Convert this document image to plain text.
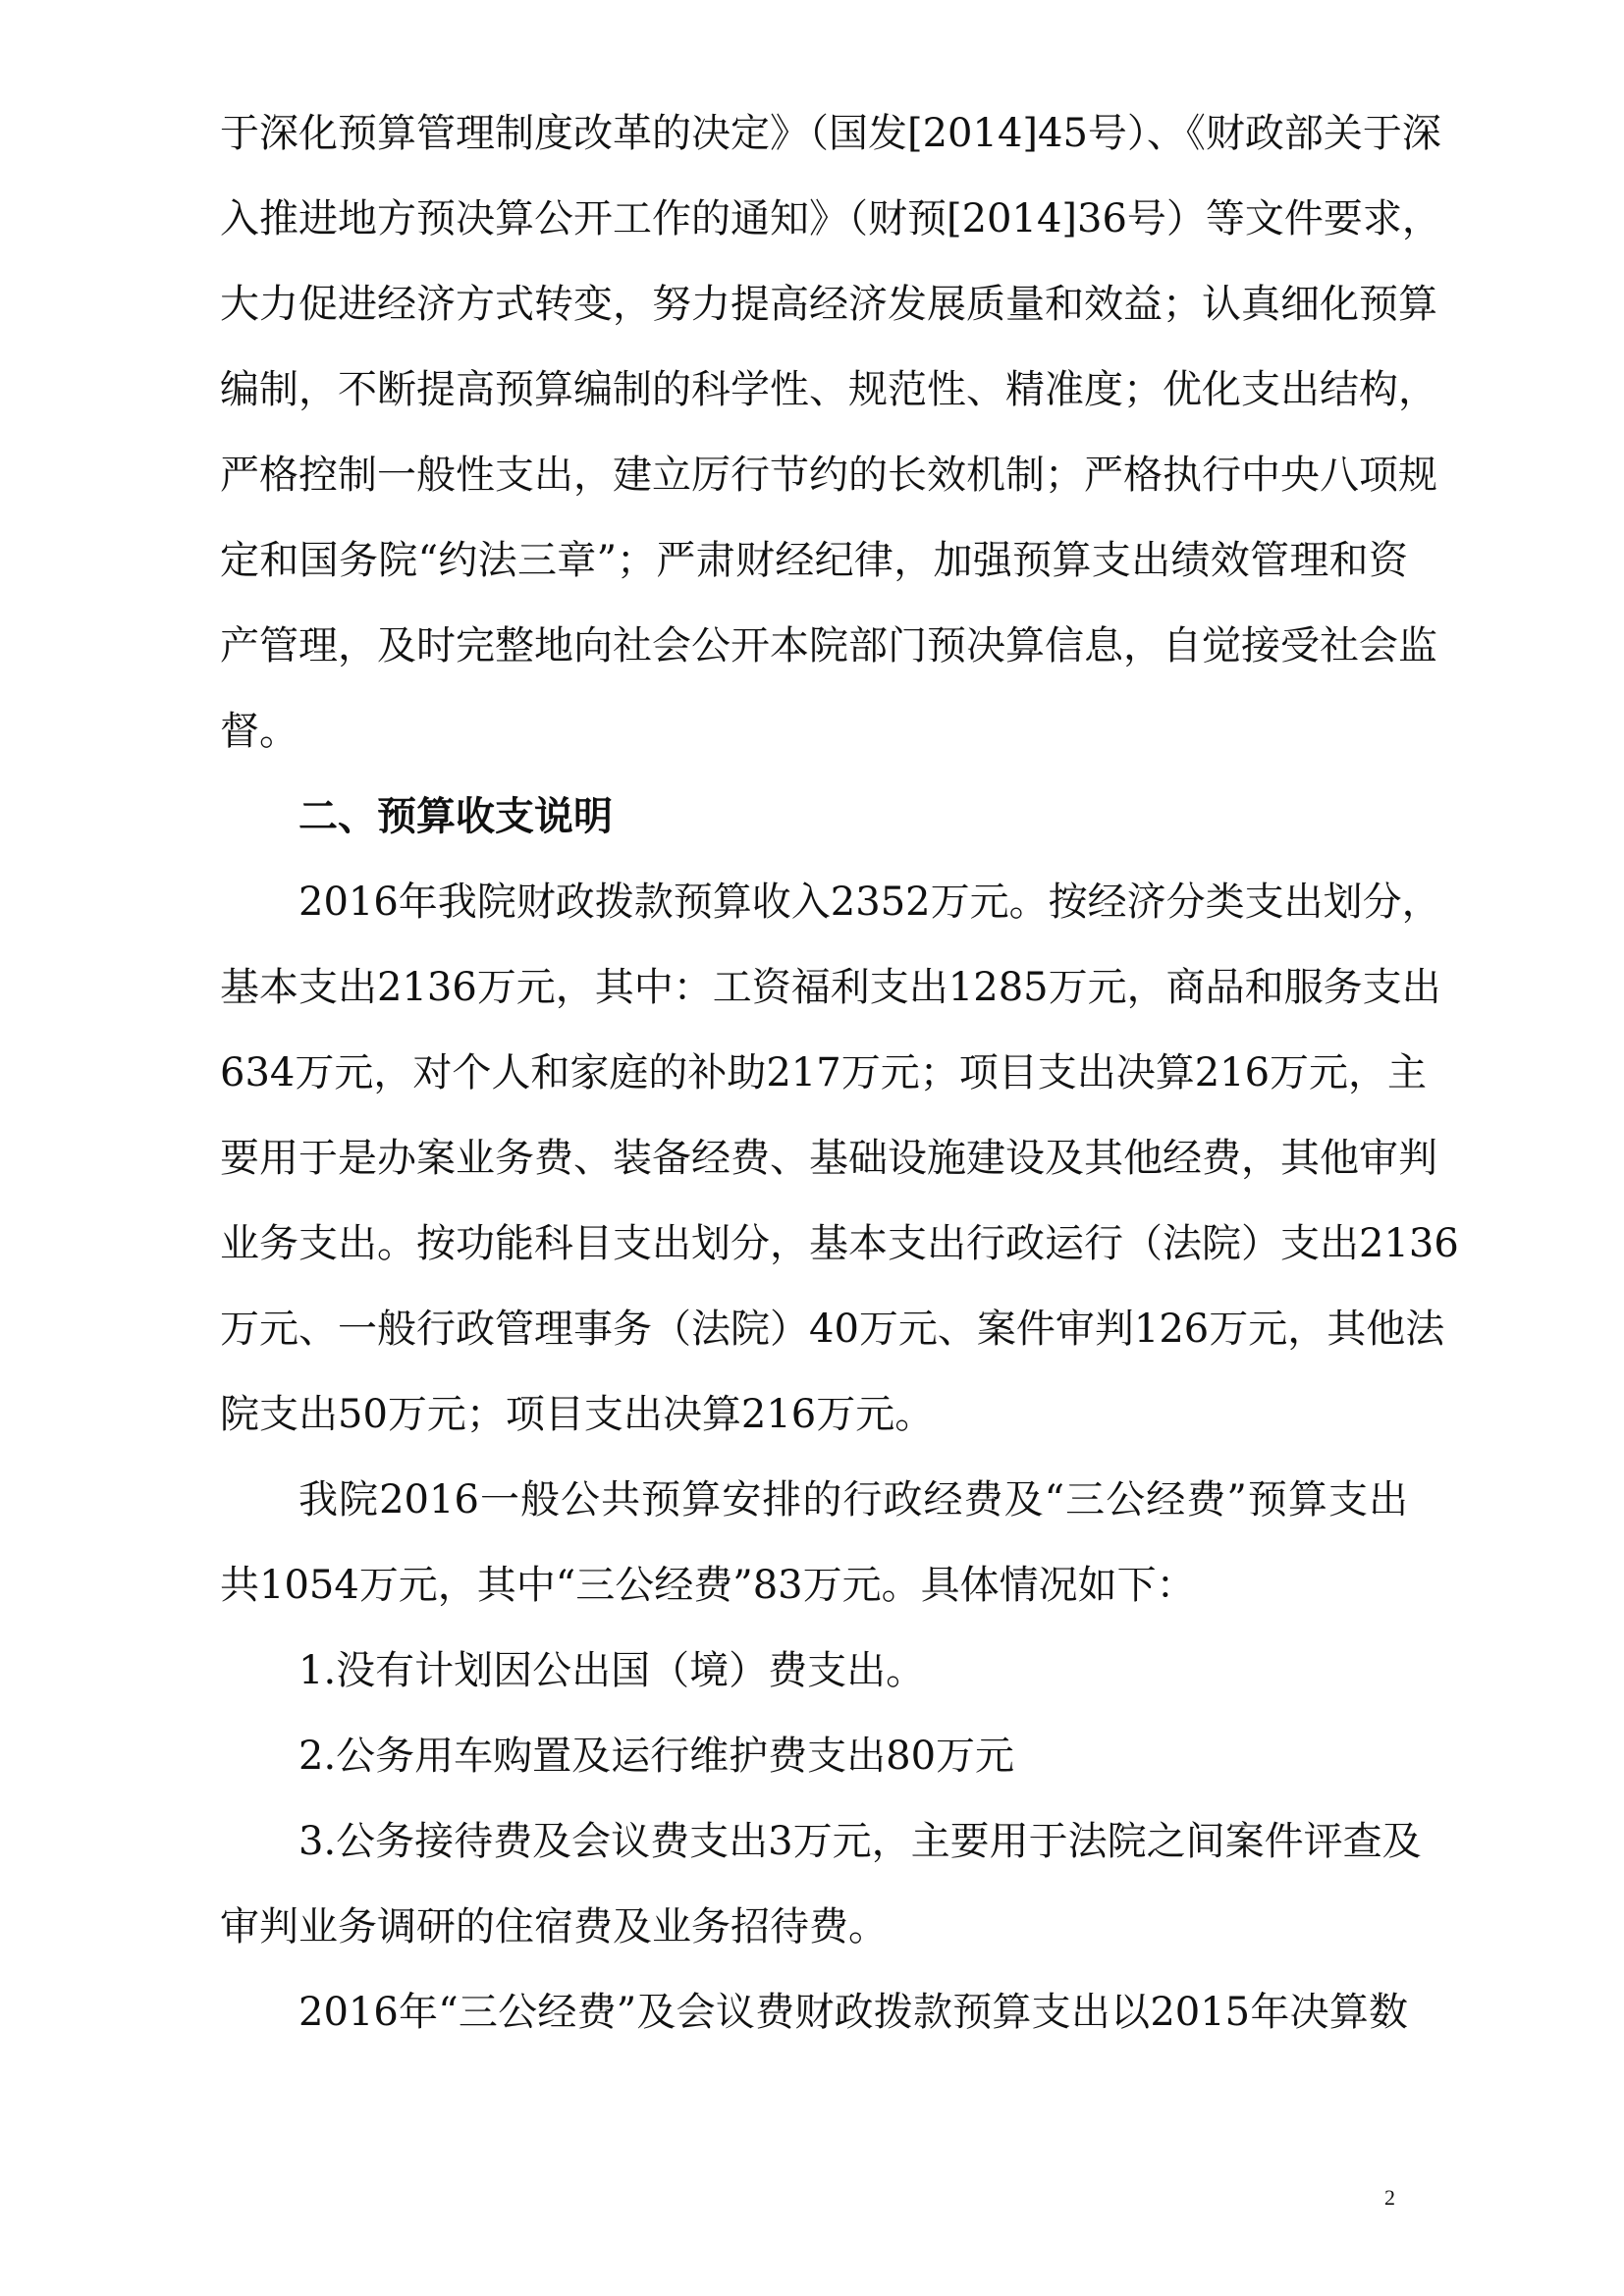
于深化预算管理制度改革的决定》（国发[2014]45号）、《财政部关于深
入推进地方预决算公开工作的通知》（财预[2014]36号）等文件要求，
大力促进经济方式转变，努力提高经济发展质量和效益；认真细化预算
编制，不断提高预算编制的科学性、规范性、精准度；优化支出结构，
严格控制一般性支出，建立厉行节约的长效机制；严格执行中央八项规
定和国务院“约法三章”；严肃财经纪律，加强预算支出绩效管理和资
产管理，及时完整地向社会公开本院部门预决算信息，自觉接受社会监
督。
二、预算收支说明
2016年我院财政拨款预算收入2352万元。按经济分类支出划分，
基本支出2136万元，其中：工资福利支出1285万元，商品和服务支出
634万元，对个人和家庭的补助217万元；项目支出决算216万元，主
要用于是办案业务费、装备经费、基础设施建设及其他经费，其他审判
业务支出。按功能科目支出划分，基本支出行政运行（法院）支出2136
万元、一般行政管理事务（法院）40万元、案件审判126万元，其他法
院支出50万元；项目支出决算216万元。
我院2016一般公共预算安排的行政经费及“三公经费”预算支出
共1054万元，其中“三公经费”83万元。具体情况如下：
1.没有计划因公出国（境）费支出。
2.公务用车购置及运行维护费支出80万元
3.公务接待费及会议费支出3万元，主要用于法院之间案件评查及
审判业务调研的住宿费及业务招待费。
2016年“三公经费”及会议费财政拨款预算支出以2015年决算数
2
